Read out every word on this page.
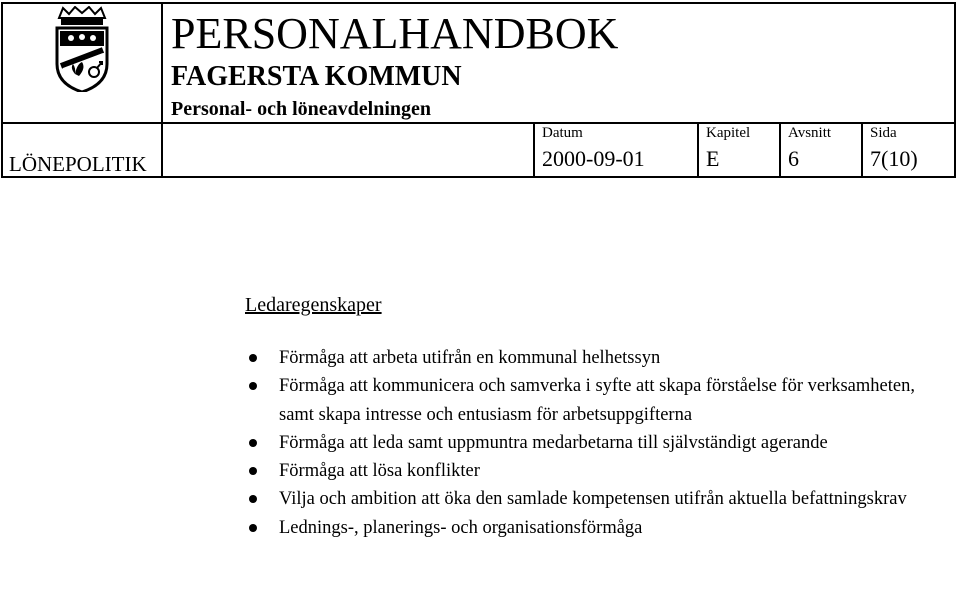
PERSONALHANDBOK
FAGERSTA KOMMUN
Personal- och löneavdelningen
LÖNEPOLITIK
Datum
2000-09-01
Kapitel
E
Avsnitt
6
Sida
7(10)
Ledaregenskaper
Förmåga att arbeta utifrån en kommunal helhetssyn
Förmåga att kommunicera och samverka i syfte att skapa förståelse för verksamheten, samt skapa intresse och entusiasm för arbetsuppgifterna
Förmåga att leda samt uppmuntra medarbetarna till självständigt agerande
Förmåga att lösa konflikter
Vilja och ambition att öka den samlade kompetensen utifrån aktuella befattningskrav
Lednings-, planerings- och organisationsförmåga
